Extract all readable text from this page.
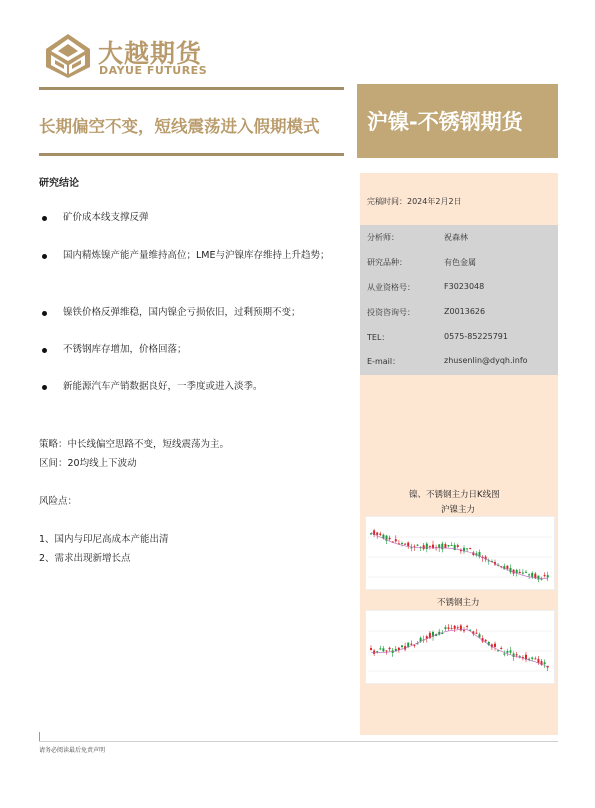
大越期货
DAYUE FUTURES
长期偏空不变，短线震荡进入假期模式	沪镍-不锈钢期货
研究结论
矿价成本线支撑反弹
国内精炼镍产能产量维持高位；LME与沪镍库存维持上升趋势；
镍铁价格反弹维稳，国内镍企亏损依旧，过剩预期不变；
不锈钢库存增加，价格回落；
新能源汽车产销数据良好，一季度或进入淡季。
策略：中长线偏空思路不变，短线震荡为主。
区间：20均线上下波动
风险点：
1、国内与印尼高成本产能出清
2、需求出现新增长点
完稿时间：2024年2月2日
分析师：	祝森林
研究品种：	有色金属
从业资格号：	F3023048
投资咨询号：	Z0013626
TEL：	0575-85225791
E-mail：	zhusenlin@dyqh.info
镍、不锈钢主力日K线图
沪镍主力
不锈钢主力
请务必阅读最后免责声明
